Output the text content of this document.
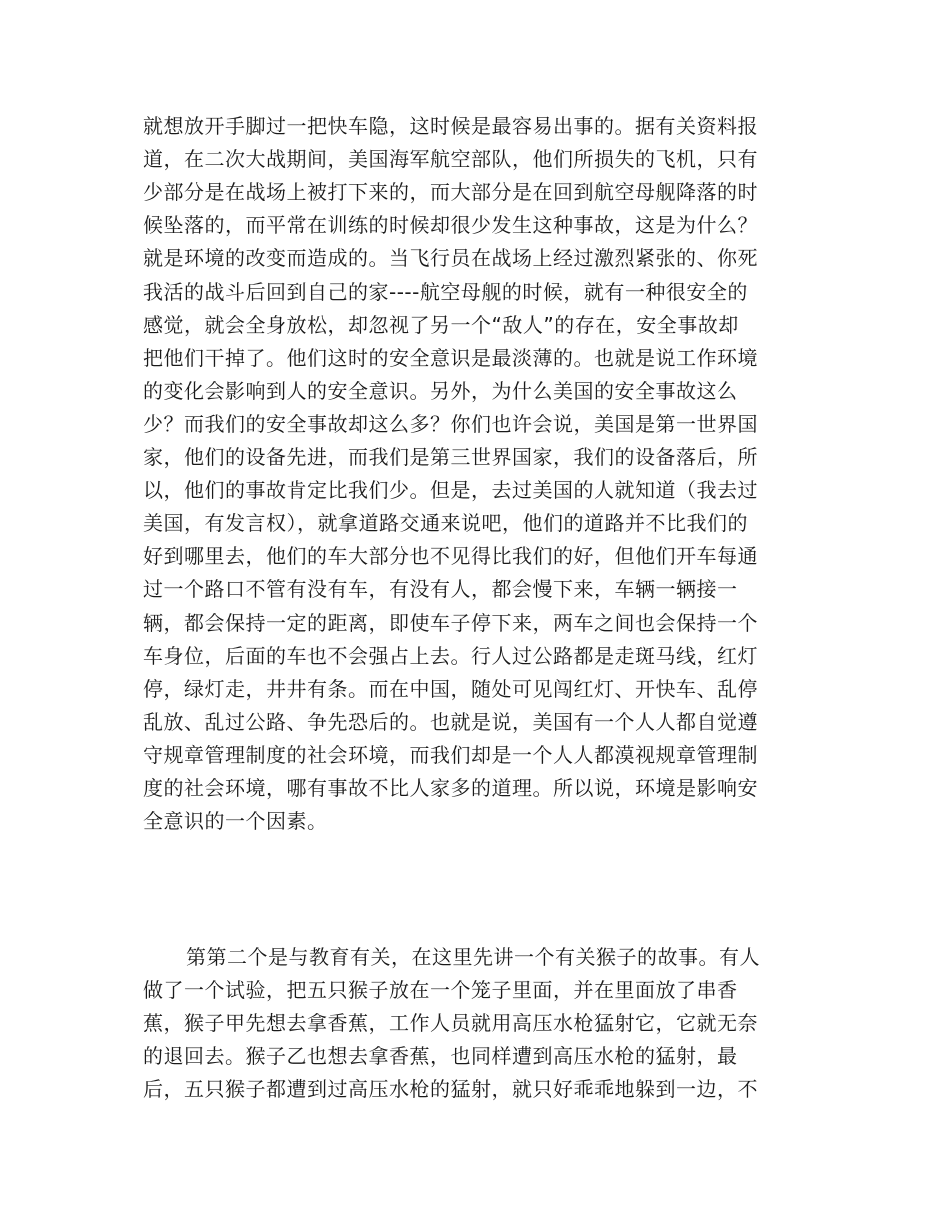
就想放开手脚过一把快车隐，这时候是最容易出事的。据有关资料报
道，在二次大战期间，美国海军航空部队，他们所损失的飞机，只有
少部分是在战场上被打下来的，而大部分是在回到航空母舰降落的时
候坠落的，而平常在训练的时候却很少发生这种事故，这是为什么？
就是环境的改变而造成的。当飞行员在战场上经过激烈紧张的、你死
我活的战斗后回到自己的家----航空母舰的时候，就有一种很安全的
感觉，就会全身放松，却忽视了另一个“敌人”的存在，安全事故却
把他们干掉了。他们这时的安全意识是最淡薄的。也就是说工作环境
的变化会影响到人的安全意识。另外，为什么美国的安全事故这么
少？而我们的安全事故却这么多？你们也许会说，美国是第一世界国
家，他们的设备先进，而我们是第三世界国家，我们的设备落后，所
以，他们的事故肯定比我们少。但是，去过美国的人就知道（我去过
美国，有发言权），就拿道路交通来说吧，他们的道路并不比我们的
好到哪里去，他们的车大部分也不见得比我们的好，但他们开车每通
过一个路口不管有没有车，有没有人，都会慢下来，车辆一辆接一
辆，都会保持一定的距离，即使车子停下来，两车之间也会保持一个
车身位，后面的车也不会强占上去。行人过公路都是走斑马线，红灯
停，绿灯走，井井有条。而在中国，随处可见闯红灯、开快车、乱停
乱放、乱过公路、争先恐后的。也就是说，美国有一个人人都自觉遵
守规章管理制度的社会环境，而我们却是一个人人都漠视规章管理制
度的社会环境，哪有事故不比人家多的道理。所以说，环境是影响安
全意识的一个因素。
第第二个是与教育有关，在这里先讲一个有关猴子的故事。有人
做了一个试验，把五只猴子放在一个笼子里面，并在里面放了串香
蕉，猴子甲先想去拿香蕉，工作人员就用高压水枪猛射它，它就无奈
的退回去。猴子乙也想去拿香蕉，也同样遭到高压水枪的猛射，最
后，五只猴子都遭到过高压水枪的猛射，就只好乖乖地躲到一边，不
